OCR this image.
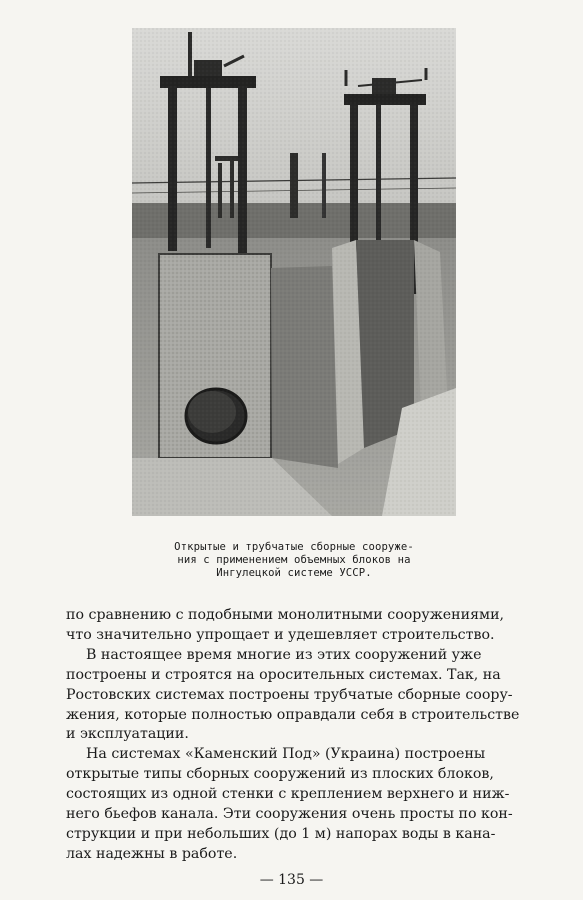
Открытые и трубчатые сборные сооруже-
ния с применением объемных блоков на
Ингулецкой системе УССР.
по сравнению с подобными монолитными сооружениями,
что значительно упрощает и удешевляет строительство.
В настоящее время многие из этих сооружений уже
построены и строятся на оросительных системах. Так, на
Ростовских системах построены трубчатые сборные соору-
жения, которые полностью оправдали себя в строительстве
и эксплуатации.
На системах «Каменский Под» (Украина) построены
открытые типы сборных сооружений из плоских блоков,
состоящих из одной стенки с креплением верхнего и ниж-
него бьефов канала. Эти сооружения очень просты по кон-
струкции и при небольших (до 1 м) напорах воды в кана-
лах надежны в работе.
— 135 —
